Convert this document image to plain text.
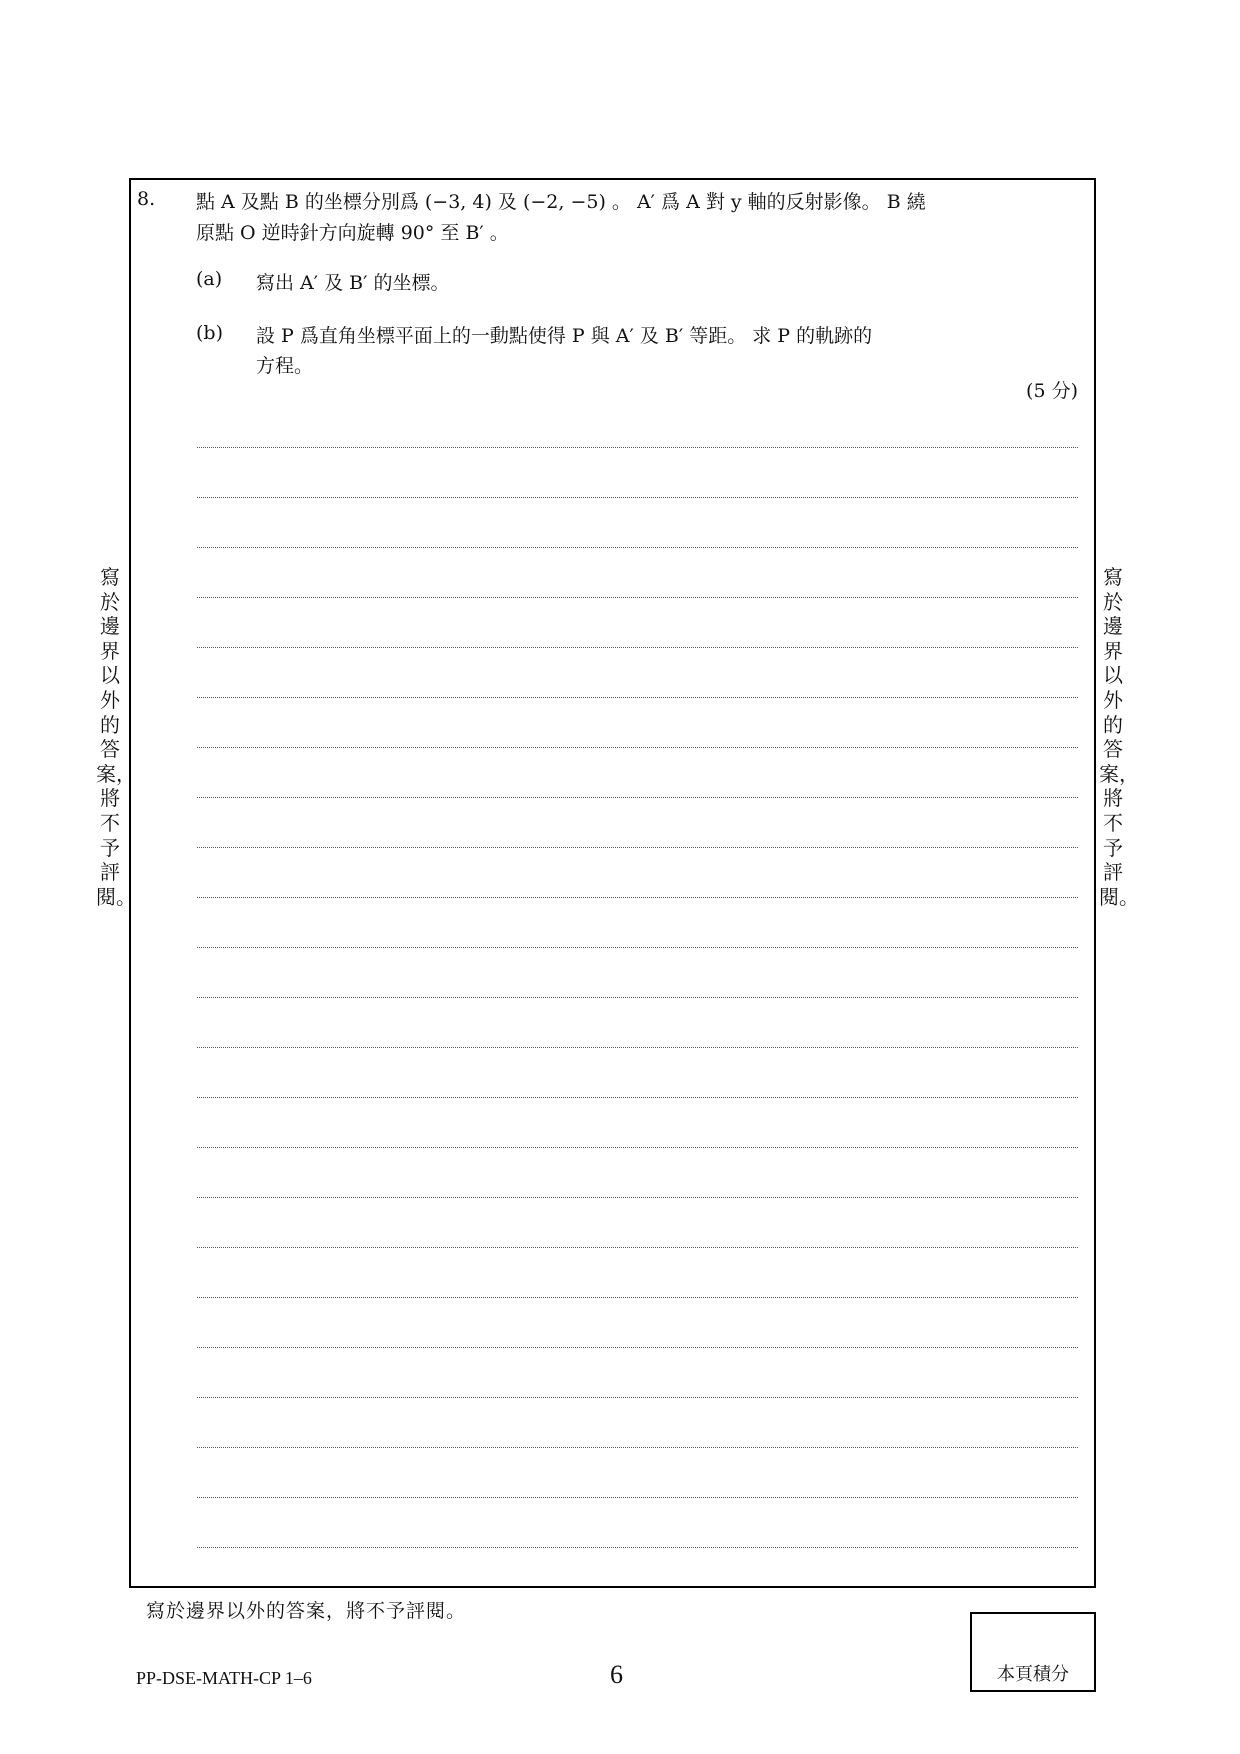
8. 點 A 及點 B 的坐標分別爲 (−3, 4) 及 (−2, −5) 。 A′ 爲 A 對 y 軸的反射影像。 B 繞
原點 O 逆時針方向旋轉 90° 至 B′ 。
(a) 寫出 A′ 及 B′ 的坐標。
(b) 設 P 爲直角坐標平面上的一動點使得 P 與 A′ 及 B′ 等距。 求 P 的軌跡的
方程。
(5 分)
寫於邊界以外的答案，將不予評閱。
寫於邊界以外的答案，將不予評閱。
寫於邊界以外的答案，將不予評閱。
PP-DSE-MATH-CP 1–6	6	本頁積分
